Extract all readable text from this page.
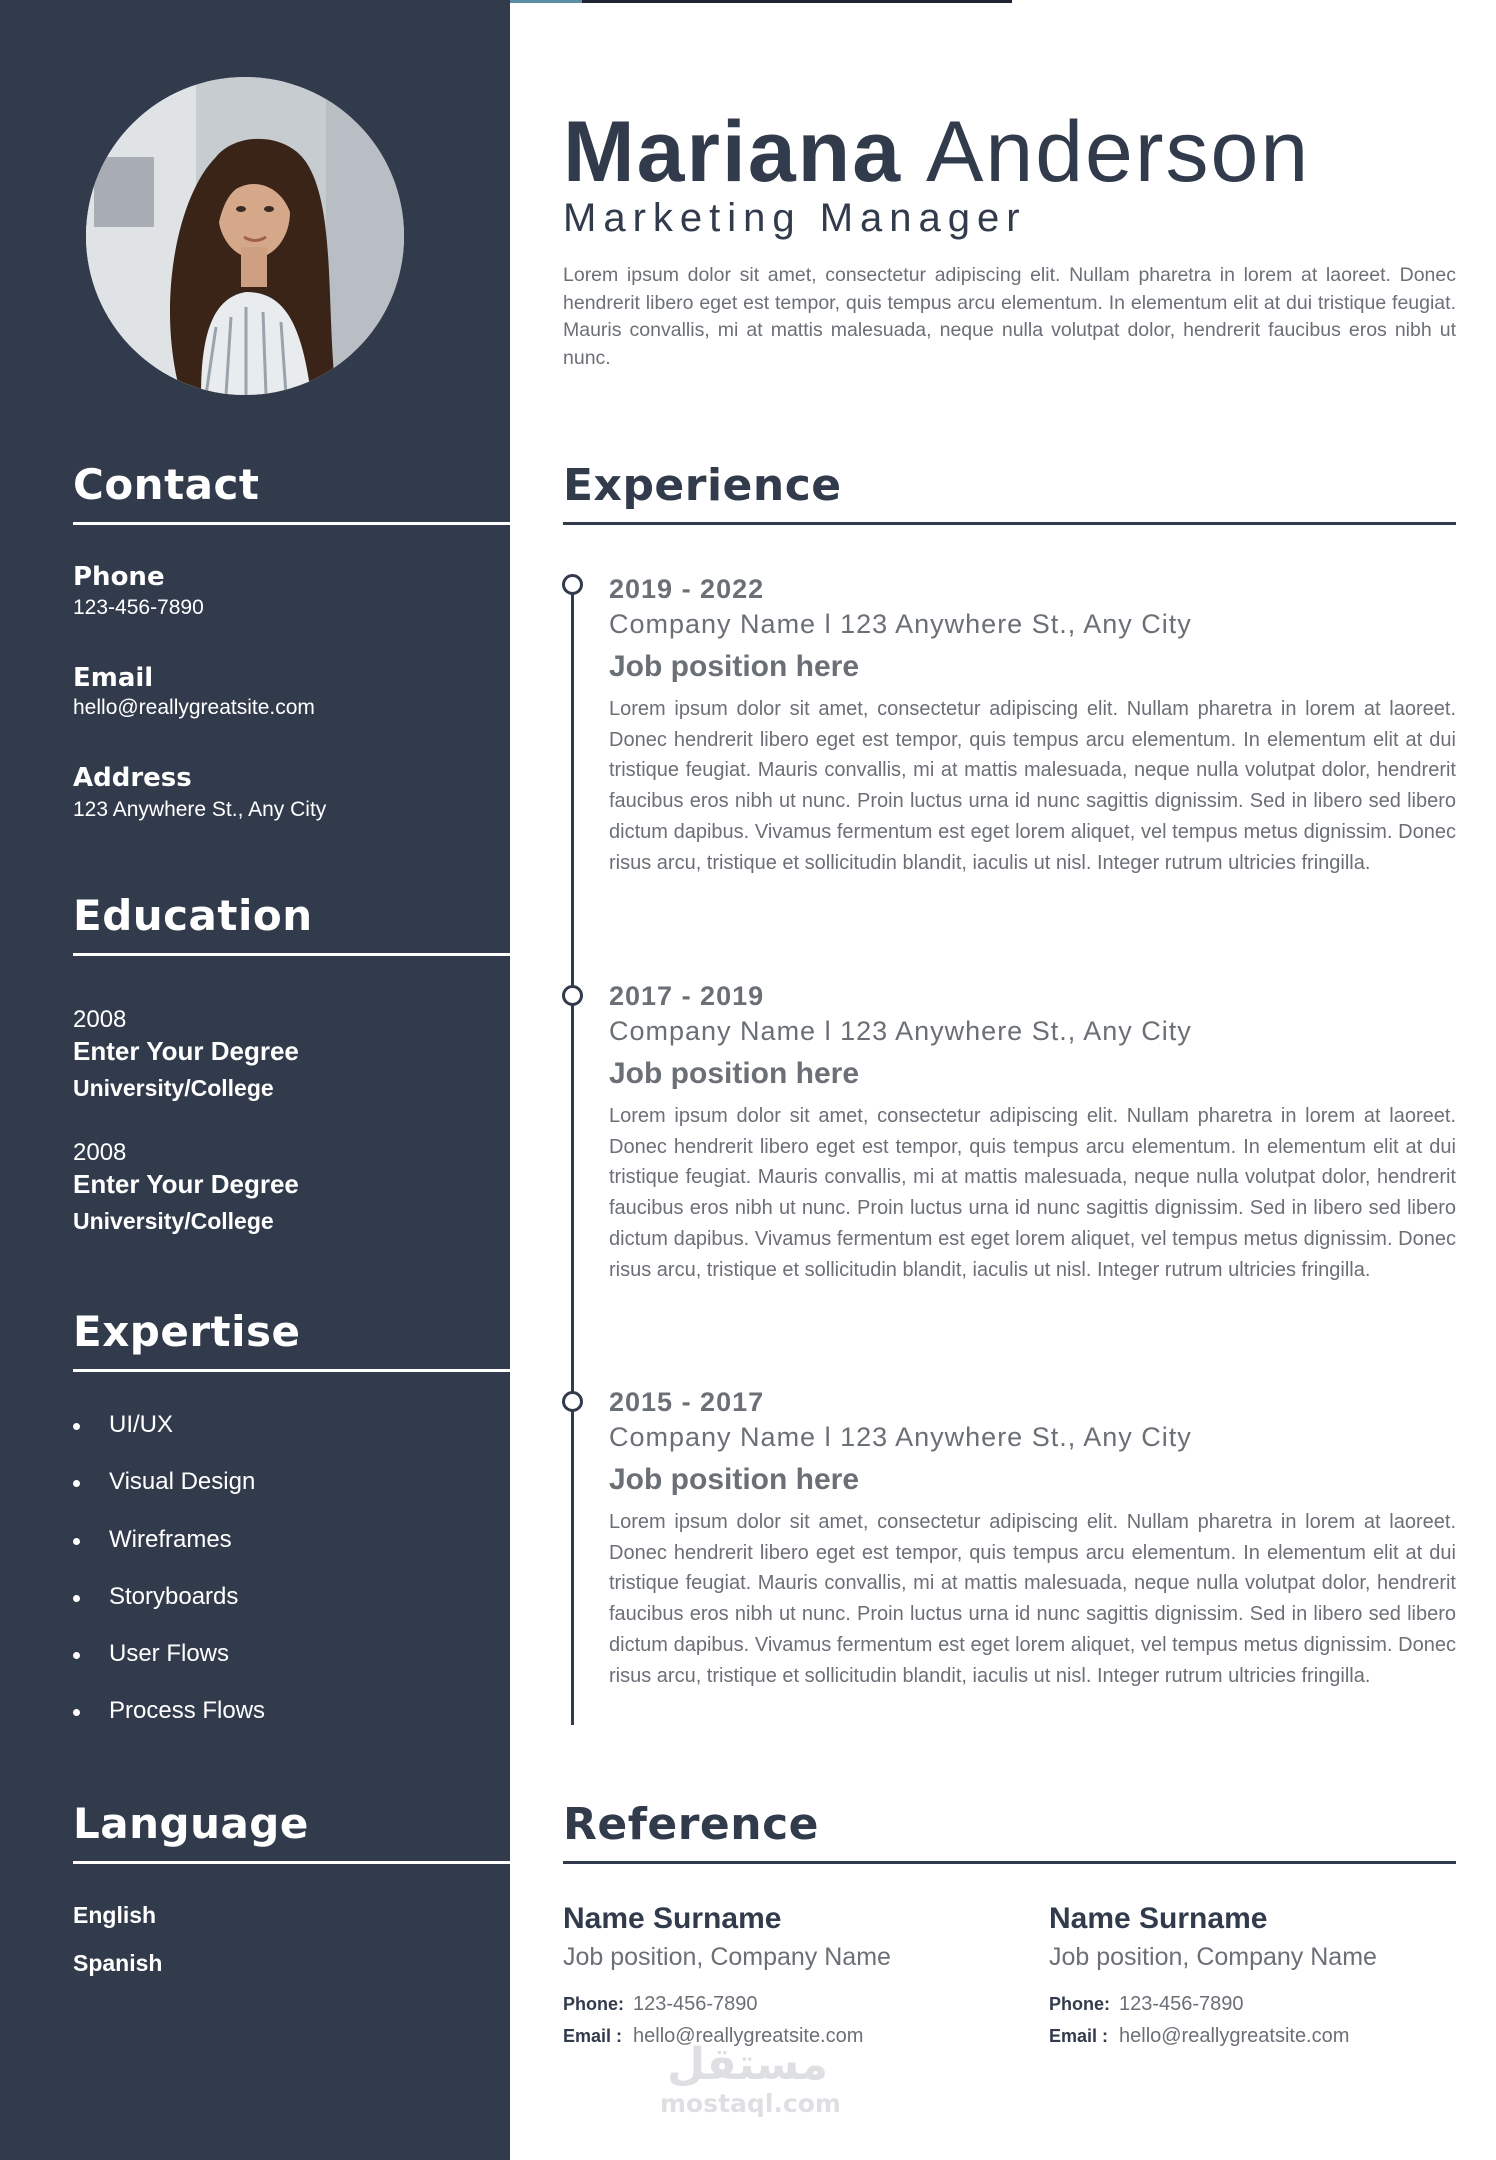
Contact
Phone
123-456-7890
Email
hello@reallygreatsite.com
Address
123 Anywhere St., Any City
Education
2008
Enter Your Degree
University/College
2008
Enter Your Degree
University/College
Expertise
UI/UX
Visual Design
Wireframes
Storyboards
User Flows
Process Flows
Language
English
Spanish
Mariana Anderson
Marketing Manager

Lorem ipsum dolor sit amet, consectetur adipiscing elit. Nullam pharetra in lorem at laoreet. Donec hendrerit libero eget est tempor, quis tempus arcu elementum. In elementum elit at dui tristique feugiat. Mauris convallis, mi at mattis malesuada, neque nulla volutpat dolor, hendrerit faucibus eros nibh ut nunc.

Experience
2019 - 2022
Company Name l 123 Anywhere St., Any City
Job position here

Lorem ipsum dolor sit amet, consectetur adipiscing elit. Nullam pharetra in lorem at laoreet. Donec hendrerit libero eget est tempor, quis tempus arcu elementum. In elementum elit at dui tristique feugiat. Mauris convallis, mi at mattis malesuada, neque nulla volutpat dolor, hendrerit faucibus eros nibh ut nunc. Proin luctus urna id nunc sagittis dignissim. Sed in libero sed libero dictum dapibus. Vivamus fermentum est eget lorem aliquet, vel tempus metus dignissim. Donec risus arcu, tristique et sollicitudin blandit, iaculis ut nisl. Integer rutrum ultricies fringilla.

2017 - 2019
Company Name l 123 Anywhere St., Any City
Job position here

Lorem ipsum dolor sit amet, consectetur adipiscing elit. Nullam pharetra in lorem at laoreet. Donec hendrerit libero eget est tempor, quis tempus arcu elementum. In elementum elit at dui tristique feugiat. Mauris convallis, mi at mattis malesuada, neque nulla volutpat dolor, hendrerit faucibus eros nibh ut nunc. Proin luctus urna id nunc sagittis dignissim. Sed in libero sed libero dictum dapibus. Vivamus fermentum est eget lorem aliquet, vel tempus metus dignissim. Donec risus arcu, tristique et sollicitudin blandit, iaculis ut nisl. Integer rutrum ultricies fringilla.

2015 - 2017
Company Name l 123 Anywhere St., Any City
Job position here

Lorem ipsum dolor sit amet, consectetur adipiscing elit. Nullam pharetra in lorem at laoreet. Donec hendrerit libero eget est tempor, quis tempus arcu elementum. In elementum elit at dui tristique feugiat. Mauris convallis, mi at mattis malesuada, neque nulla volutpat dolor, hendrerit faucibus eros nibh ut nunc. Proin luctus urna id nunc sagittis dignissim. Sed in libero sed libero dictum dapibus. Vivamus fermentum est eget lorem aliquet, vel tempus metus dignissim. Donec risus arcu, tristique et sollicitudin blandit, iaculis ut nisl. Integer rutrum ultricies fringilla.

Reference
Name Surname
Job position, Company Name
Phone: 123-456-7890
Email : hello@reallygreatsite.com
Name Surname
Job position, Company Name
Phone: 123-456-7890
Email : hello@reallygreatsite.com
مستقل
mostaql.com
